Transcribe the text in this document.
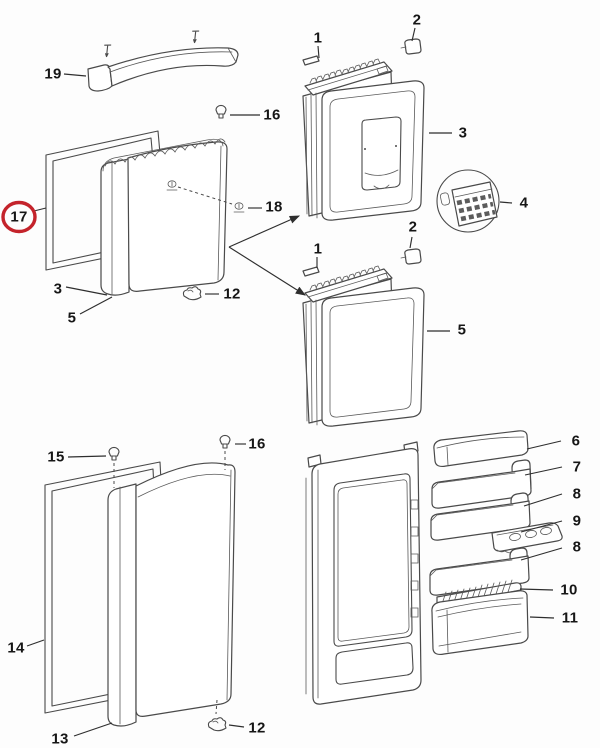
19
16
17
18
3
5
12
1
2
3
4
1
2
5
15
16
14
13
12
6
7
8
9
8
10
11
